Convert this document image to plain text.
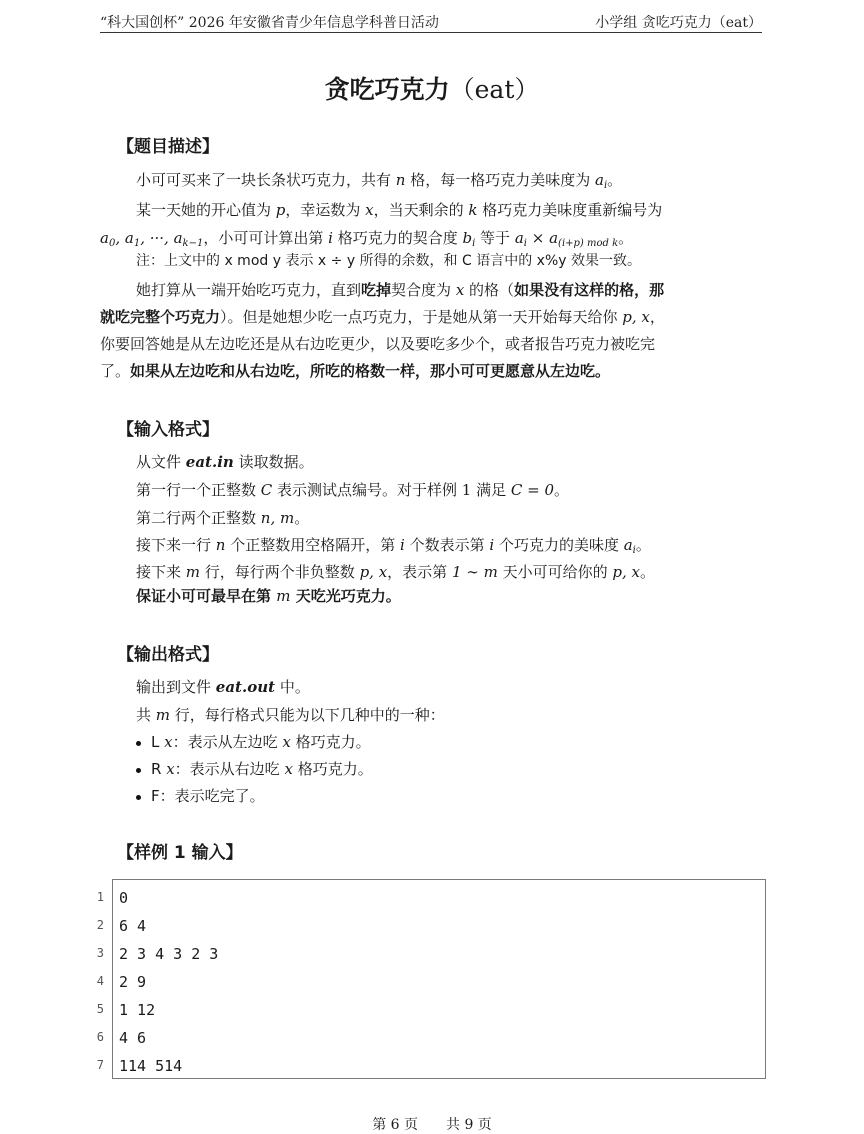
“科大国创杯” 2026 年安徽省青少年信息学科普日活动	小学组 贪吃巧克力（eat）
贪吃巧克力（eat）
【题目描述】
小可可买来了一块长条状巧克力，共有 n 格，每一格巧克力美味度为 $a_i$。
某一天她的开心值为 p，幸运数为 x，当天剩余的 k 格巧克力美味度重新编号为
$a_0$, $a_1$, ···, $a_{k-1}$，小可可计算出第 i 格巧克力的契合度 $b_i$ 等于 $a_i \times a_{(i+p) mod k}$。
注：上文中的 x mod y 表示 x ÷ y 所得的余数，和 C 语言中的 x%y 效果一致。
她打算从一端开始吃巧克力，直到吃掉契合度为 x 的格（如果没有这样的格，那
就吃完整个巧克力）。但是她想少吃一点巧克力，于是她从第一天开始每天给你 p, x，
你要回答她是从左边吃还是从右边吃更少，以及要吃多少个，或者报告巧克力被吃完
了。如果从左边吃和从右边吃，所吃的格数一样，那小可可更愿意从左边吃。
【输入格式】
从文件 eat.in 读取数据。
第一行一个正整数 C 表示测试点编号。对于样例 1 满足 C = 0。
第二行两个正整数 n, m。
接下来一行 n 个正整数用空格隔开，第 i 个数表示第 i 个巧克力的美味度 $a_i$。
接下来 m 行，每行两个非负整数 p, x，表示第 1 ∼ m 天小可可给你的 p, x。
保证小可可最早在第 m 天吃光巧克力。
【输出格式】
输出到文件 eat.out 中。
共 m 行，每行格式只能为以下几种中的一种：
L x：表示从左边吃 x 格巧克力。
R x：表示从右边吃 x 格巧克力。
F：表示吃完了。
【样例 1 输入】
1
2
3
4
5
6
7
0
6 4
2 3 4 3 2 3
2 9
1 12
4 6
114 514
第 6 页 共 9 页
